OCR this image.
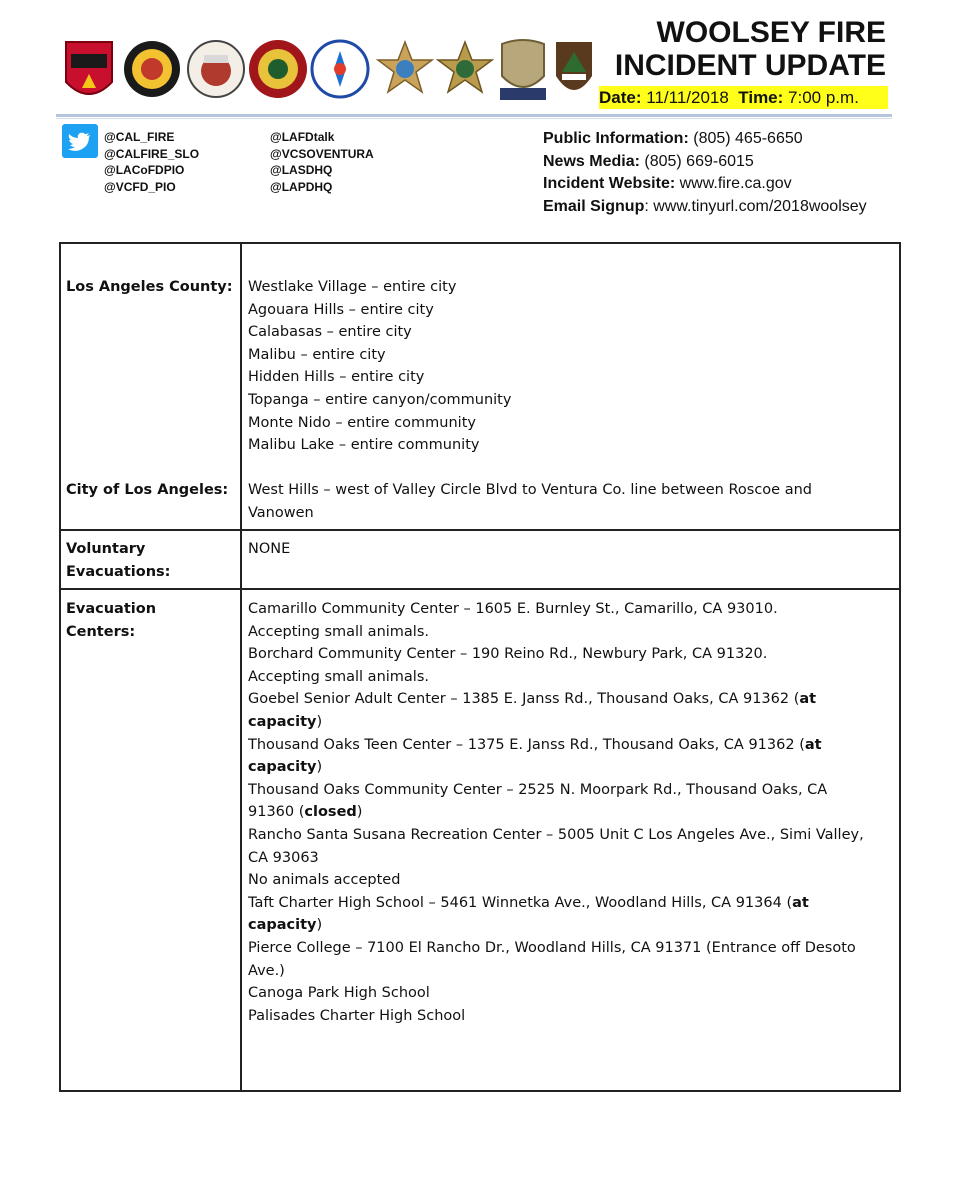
WOOLSEY FIRE
INCIDENT UPDATE
Date: 11/11/2018 Time: 7:00 p.m.
@CAL_FIRE
@CALFIRE_SLO
@LACoFDPIO
@VCFD_PIO
@LAFDtalk
@VCSOVENTURA
@LASDHQ
@LAPDHQ
Public Information: (805) 465-6650
News Media: (805) 669-6015
Incident Website: www.fire.ca.gov
Email Signup: www.tinyurl.com/2018woolsey
Los Angeles County: Westlake Village – entire city
Agouara Hills – entire city
Calabasas – entire city
Malibu – entire city
Hidden Hills – entire city
Topanga – entire canyon/community
Monte Nido – entire community
Malibu Lake – entire community
City of Los Angeles: West Hills – west of Valley Circle Blvd to Ventura Co. line between Roscoe and
Vanowen
Voluntary
Evacuations:
NONE
Evacuation
Centers:
Camarillo Community Center – 1605 E. Burnley St., Camarillo, CA 93010.
Accepting small animals.
Borchard Community Center – 190 Reino Rd., Newbury Park, CA 91320.
Accepting small animals.
Goebel Senior Adult Center – 1385 E. Janss Rd., Thousand Oaks, CA 91362 (at
capacity)
Thousand Oaks Teen Center – 1375 E. Janss Rd., Thousand Oaks, CA 91362 (at
capacity)
Thousand Oaks Community Center – 2525 N. Moorpark Rd., Thousand Oaks, CA
91360 (closed)
Rancho Santa Susana Recreation Center – 5005 Unit C Los Angeles Ave., Simi Valley,
CA 93063
No animals accepted
Taft Charter High School – 5461 Winnetka Ave., Woodland Hills, CA 91364 (at
capacity)
Pierce College – 7100 El Rancho Dr., Woodland Hills, CA 91371 (Entrance off Desoto
Ave.)
Canoga Park High School
Palisades Charter High School
